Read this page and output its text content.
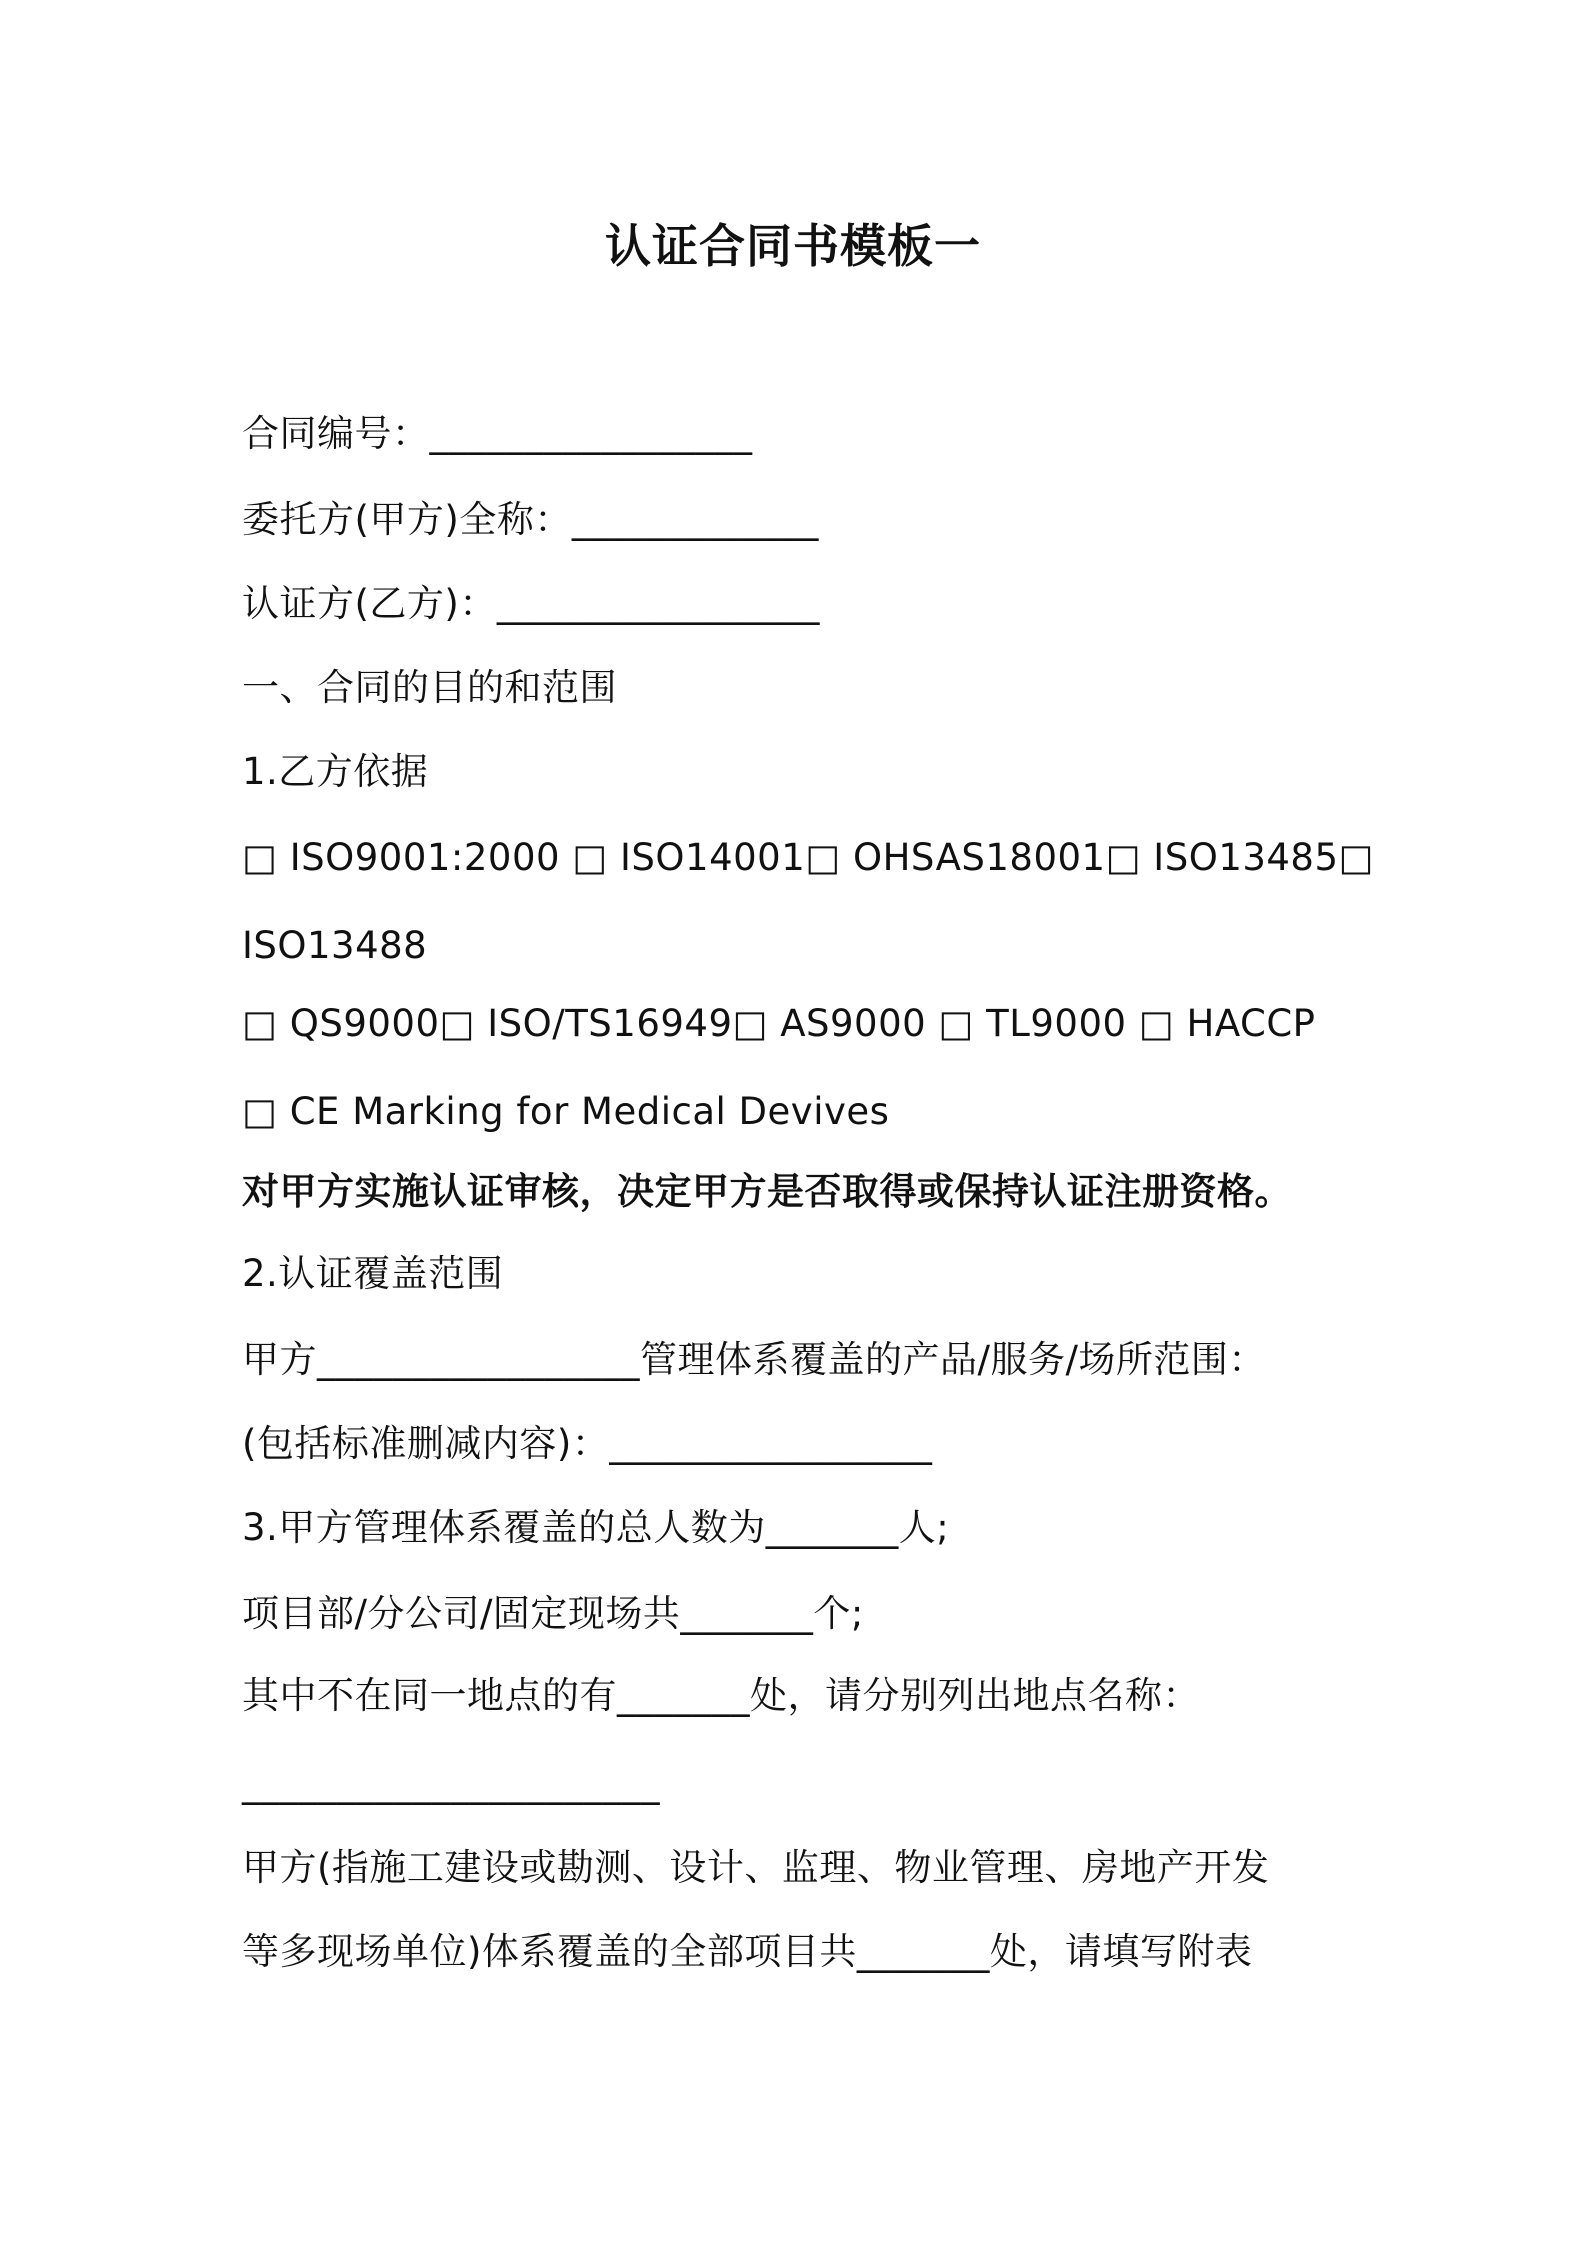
认证合同书模板一
合同编号：_________________
委托方(甲方)全称：_____________
认证方(乙方)：_________________
一、合同的目的和范围
1.乙方依据
□ ISO9001:2000 □ ISO14001□ OHSAS18001□ ISO13485□
ISO13488
□ QS9000□ ISO/TS16949□ AS9000 □ TL9000 □ HACCP
□ CE Marking for Medical Devives
对甲方实施认证审核，决定甲方是否取得或保持认证注册资格。
2.认证覆盖范围
甲方_________________管理体系覆盖的产品/服务/场所范围：
(包括标准删减内容)：_________________
3.甲方管理体系覆盖的总人数为_______人;
项目部/分公司/固定现场共_______个;
其中不在同一地点的有_______处，请分别列出地点名称：
______________________
甲方(指施工建设或勘测、设计、监理、物业管理、房地产开发
等多现场单位)体系覆盖的全部项目共_______处，请填写附表
